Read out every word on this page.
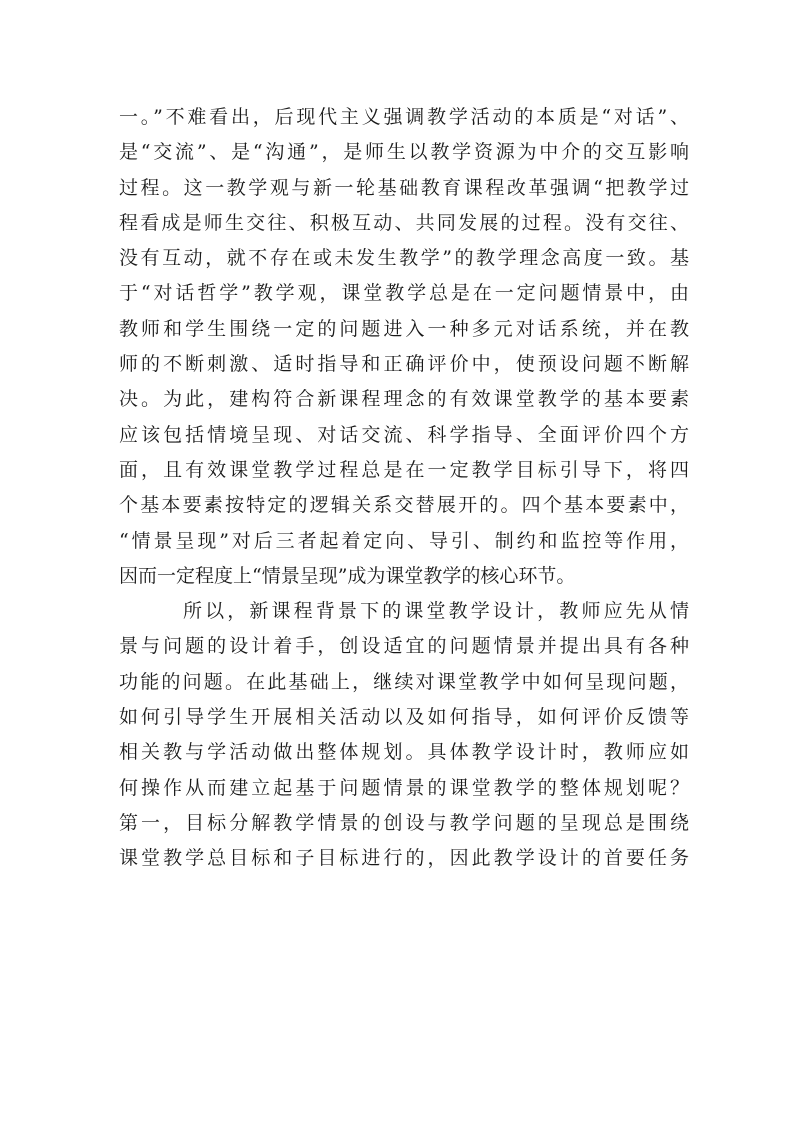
一。”不难看出，后现代主义强调教学活动的本质是“对话”、
是“交流”、是“沟通”，是师生以教学资源为中介的交互影响
过程。这一教学观与新一轮基础教育课程改革强调“把教学过
程看成是师生交往、积极互动、共同发展的过程。没有交往、
没有互动，就不存在或未发生教学”的教学理念高度一致。基
于“对话哲学”教学观，课堂教学总是在一定问题情景中，由
教师和学生围绕一定的问题进入一种多元对话系统，并在教
师的不断刺激、适时指导和正确评价中，使预设问题不断解
决。为此，建构符合新课程理念的有效课堂教学的基本要素
应该包括情境呈现、对话交流、科学指导、全面评价四个方
面，且有效课堂教学过程总是在一定教学目标引导下，将四
个基本要素按特定的逻辑关系交替展开的。四个基本要素中，
“情景呈现”对后三者起着定向、导引、制约和监控等作用，
因而一定程度上“情景呈现”成为课堂教学的核心环节。
所以，新课程背景下的课堂教学设计，教师应先从情
景与问题的设计着手，创设适宜的问题情景并提出具有各种
功能的问题。在此基础上，继续对课堂教学中如何呈现问题，
如何引导学生开展相关活动以及如何指导，如何评价反馈等
相关教与学活动做出整体规划。具体教学设计时，教师应如
何操作从而建立起基于问题情景的课堂教学的整体规划呢？
第一，目标分解教学情景的创设与教学问题的呈现总是围绕
课堂教学总目标和子目标进行的，因此教学设计的首要任务
